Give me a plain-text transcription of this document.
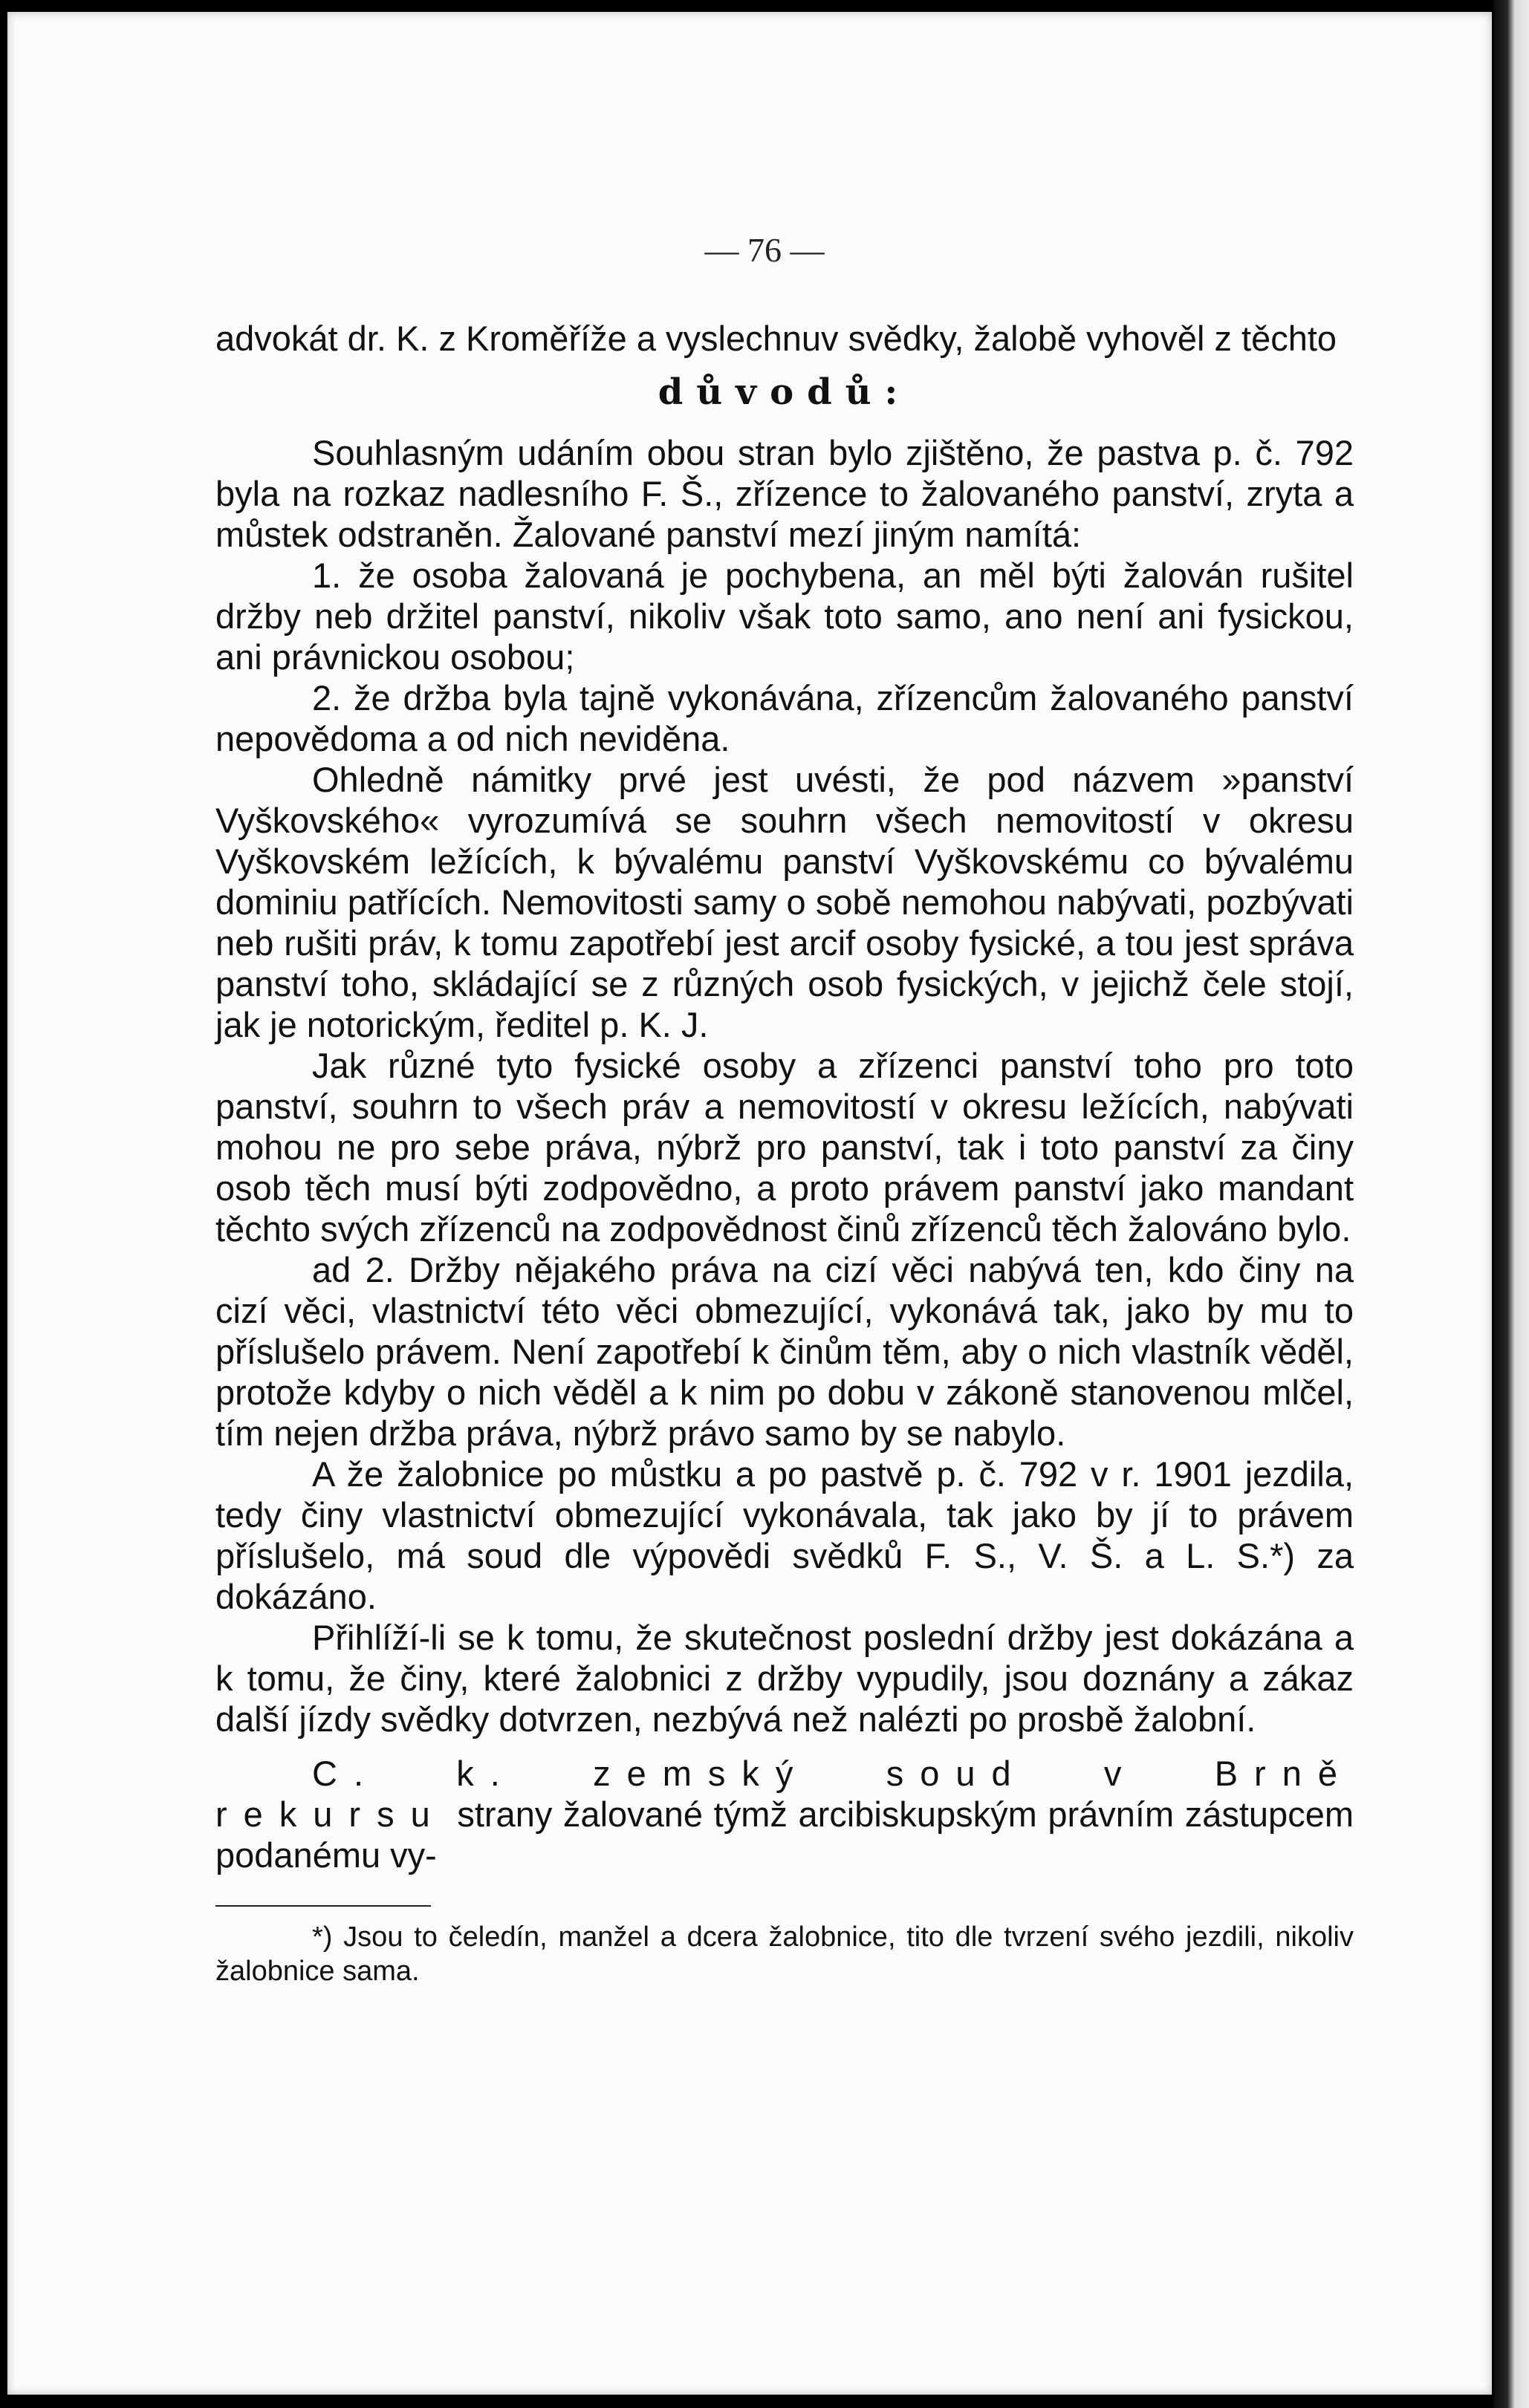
— 76 —

advokát dr. K. z Kroměříže a vyslechnuv svědky, žalobě vyhověl z těchto

důvodů:

Souhlasným udáním obou stran bylo zjištěno, že pastva p. č. 792 byla na rozkaz nadlesního F. Š., zřízence to žalovaného panství, zryta a můstek odstraněn. Žalované panství mezí jiným namítá:

1. že osoba žalovaná je pochybena, an měl býti žalován rušitel držby neb držitel panství, nikoliv však toto samo, ano není ani fysickou, ani právnickou osobou;

2. že držba byla tajně vykonávána, zřízencům žalovaného panství nepovědoma a od nich neviděna.

Ohledně námitky prvé jest uvésti, že pod názvem »panství Vyškovského« vyrozumívá se souhrn všech nemovitostí v okresu Vyškovském ležících, k bývalému panství Vyškovskému co bývalému dominiu patřících. Nemovitosti samy o sobě nemohou nabývati, pozbývati neb rušiti práv, k tomu zapotřebí jest arcif osoby fysické, a tou jest správa panství toho, skládající se z různých osob fysických, v jejichž čele stojí, jak je notorickým, ředitel p. K. J.

Jak různé tyto fysické osoby a zřízenci panství toho pro toto panství, souhrn to všech práv a nemovitostí v okresu ležících, nabývati mohou ne pro sebe práva, nýbrž pro panství, tak i toto panství za činy osob těch musí býti zodpovědno, a proto právem panství jako mandant těchto svých zřízenců na zodpovědnost činů zřízenců těch žalováno bylo.

ad 2. Držby nějakého práva na cizí věci nabývá ten, kdo činy na cizí věci, vlastnictví této věci obmezující, vykonává tak, jako by mu to příslušelo právem. Není zapotřebí k činům těm, aby o nich vlastník věděl, protože kdyby o nich věděl a k nim po dobu v zákoně stanovenou mlčel, tím nejen držba práva, nýbrž právo samo by se nabylo.

A že žalobnice po můstku a po pastvě p. č. 792 v r. 1901 jezdila, tedy činy vlastnictví obmezující vykonávala, tak jako by jí to právem příslušelo, má soud dle výpovědi svědků F. S., V. Š. a L. S.*) za dokázáno.

Přihlíží-li se k tomu, že skutečnost poslední držby jest dokázána a k tomu, že činy, které žalobnici z držby vypudily, jsou doznány a zákaz další jízdy svědky dotvrzen, nezbývá než nalézti po prosbě žalobní.

C. k. zemský soud v Brně rekursu strany žalované týmž arcibiskupským právním zástupcem podanému vy-

*) Jsou to čeledín, manžel a dcera žalobnice, tito dle tvrzení svého jezdili, nikoliv žalobnice sama.
